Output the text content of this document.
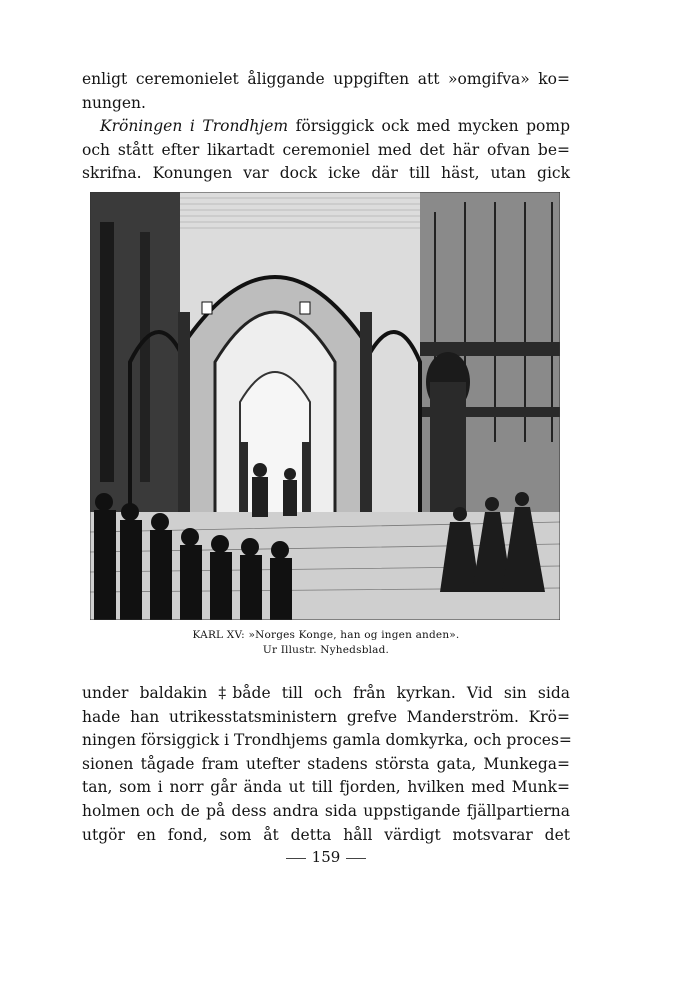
enligt ceremonielet åliggande uppgiften att »omgifva» ko=
nungen.
Kröningen i Trondhjem försiggick ock med mycken pomp
och stått efter likartadt ceremoniel med det här ofvan be=
skrifna. Konungen var dock icke där till häst, utan gick
KARL XV: »Norges Konge, han og ingen anden».
Ur Illustr. Nyhedsblad.
under baldakin ‡både till och från kyrkan. Vid sin sida
hade han utrikesstatsministern grefve Manderström. Krö=
ningen försiggick i Trondhjems gamla domkyrka, och proces=
sionen tågade fram utefter stadens största gata, Munkega=
tan, som i norr går ända ut till fjorden, hvilken med Munk=
holmen och de på dess andra sida uppstigande fjällpartierna
utgör en fond, som åt detta håll värdigt motsvarar det
159
